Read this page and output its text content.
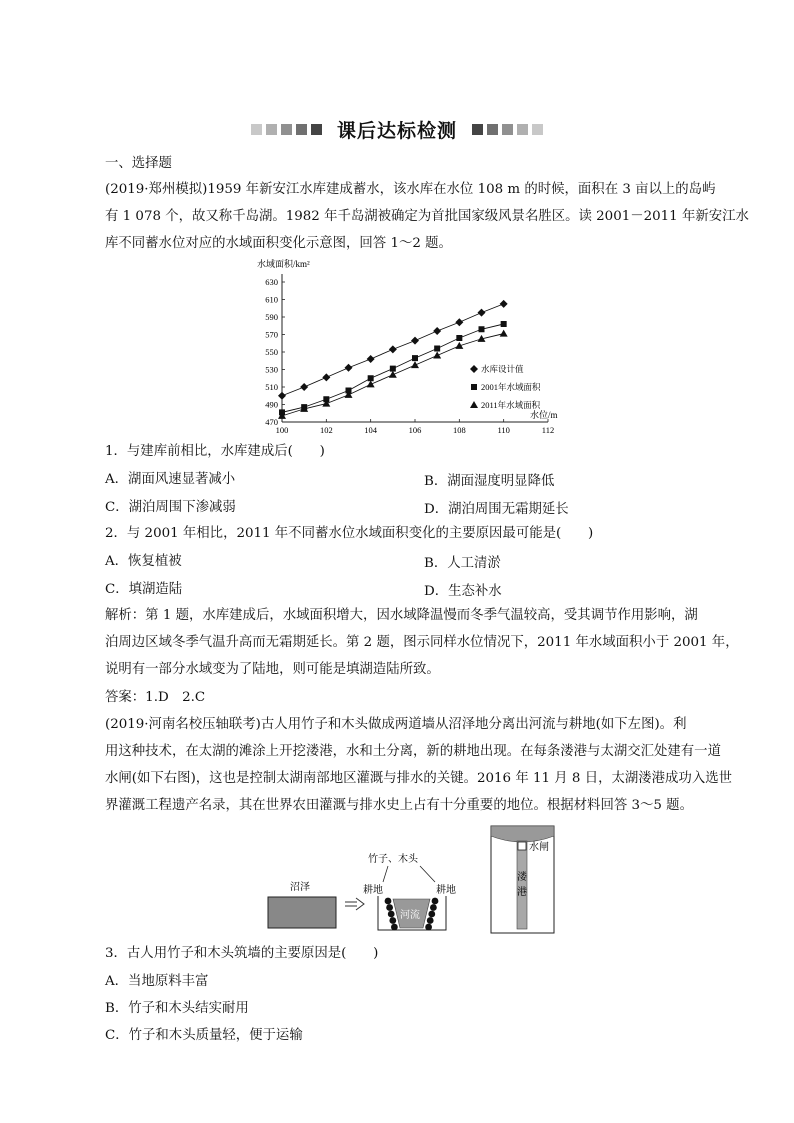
课后达标检测
一、选择题
(2019·郑州模拟)1959 年新安江水库建成蓄水，该水库在水位 108 m 的时候，面积在 3 亩以上的岛屿
有 1 078 个，故又称千岛湖。1982 年千岛湖被确定为首批国家级风景名胜区。读 2001－2011 年新安江水
库不同蓄水位对应的水域面积变化示意图，回答 1～2 题。
水域面积/km²
水位/m
470
490
510
530
550
570
590
610
630
100	102	104	106	108	110	112
水库设计值
2001年水域面积
2011年水域面积
1．与建库前相比，水库建成后(　　)
A．湖面风速显著减小	B．湖面湿度明显降低
C．湖泊周围下渗减弱	D．湖泊周围无霜期延长
2．与 2001 年相比，2011 年不同蓄水位水域面积变化的主要原因最可能是(　　)
A．恢复植被	B．人工清淤
C．填湖造陆	D．生态补水
解析：第 1 题，水库建成后，水域面积增大，因水域降温慢而冬季气温较高，受其调节作用影响，湖
泊周边区域冬季气温升高而无霜期延长。第 2 题，图示同样水位情况下，2011 年水域面积小于 2001 年，
说明有一部分水域变为了陆地，则可能是填湖造陆所致。
答案：1.D　2.C
(2019·河南名校压轴联考)古人用竹子和木头做成两道墙从沼泽地分离出河流与耕地(如下左图)。利
用这种技术，在太湖的滩涂上开挖溇港，水和土分离，新的耕地出现。在每条溇港与太湖交汇处建有一道
水闸(如下右图)，这也是控制太湖南部地区灌溉与排水的关键。2016 年 11 月 8 日，太湖溇港成功入选世
界灌溉工程遗产名录，其在世界农田灌溉与排水史上占有十分重要的地位。根据材料回答 3～5 题。
沼泽
竹子、木头
耕地	耕地
河流
水闸
溇
港
3．古人用竹子和木头筑墙的主要原因是(　　)
A．当地原料丰富
B．竹子和木头结实耐用
C．竹子和木头质量轻，便于运输
